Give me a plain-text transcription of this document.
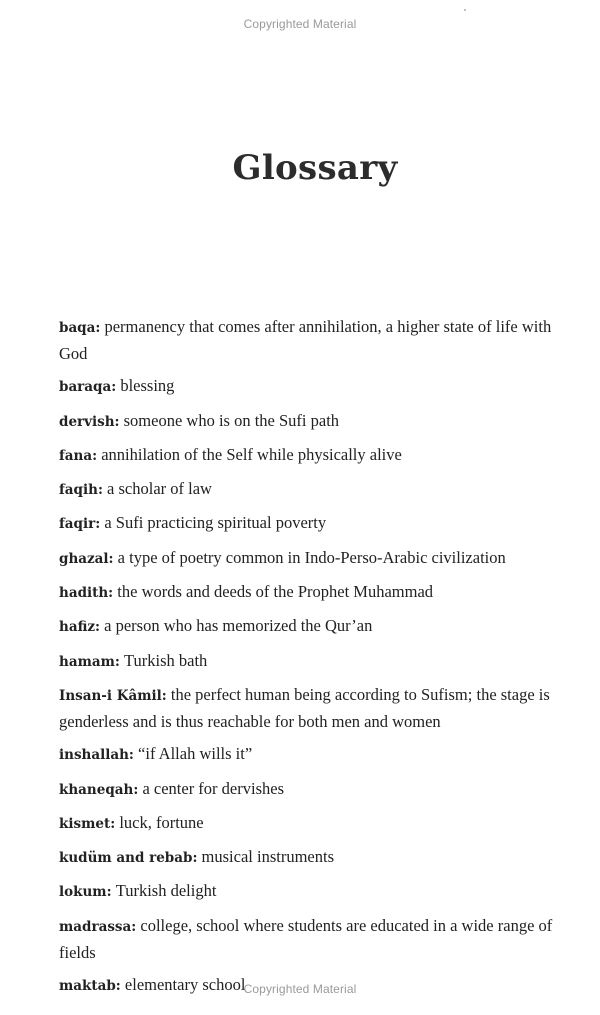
Copyrighted Material
Glossary
baqa: permanency that comes after annihilation, a higher state of life with God
baraqa: blessing
dervish: someone who is on the Sufi path
fana: annihilation of the Self while physically alive
faqih: a scholar of law
faqir: a Sufi practicing spiritual poverty
ghazal: a type of poetry common in Indo-Perso-Arabic civilization
hadith: the words and deeds of the Prophet Muhammad
hafiz: a person who has memorized the Qur’an
hamam: Turkish bath
Insan-i Kâmil: the perfect human being according to Sufism; the stage is genderless and is thus reachable for both men and women
inshallah: “if Allah wills it”
khaneqah: a center for dervishes
kismet: luck, fortune
kudüm and rebab: musical instruments
lokum: Turkish delight
madrassa: college, school where students are educated in a wide range of fields
maktab: elementary school
Copyrighted Material
